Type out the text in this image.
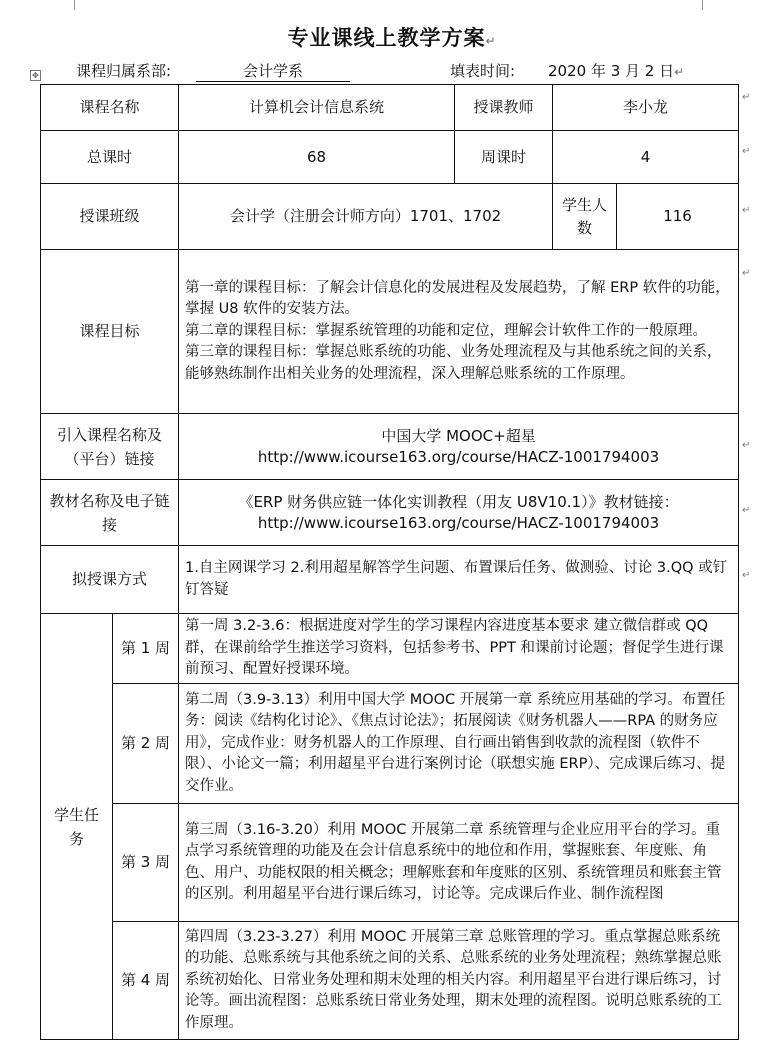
专业课线上教学方案↵
✥ 课程归属系部:	会计学系	填表时间: 2020 年 3 月 2 日↵
课程名称		计算机会计信息系统	授课教师	李小龙	
总课时		68	周课时	4	
授课班级		会计学（注册会计师方向）1701、1702		学生人数	116
课程目标		第一章的课程目标：了解会计信息化的发展进程及发展趋势，了解 ERP 软件的功能，掌握 U8 软件的安装方法。
第二章的课程目标：掌握系统管理的功能和定位，理解会计软件工作的一般原理。
第三章的课程目标：掌握总账系统的功能、业务处理流程及与其他系统之间的关系，能够熟练制作出相关业务的处理流程，深入理解总账系统的工作原理。			

引入课程名称及（平台）链接		中国大学 MOOC+超星
http://www.icourse163.org/course/HACZ-1001794003			

教材名称及电子链接		《ERP 财务供应链一体化实训教程（用友 U8V10.1）》教材链接：
http://www.icourse163.org/course/HACZ-1001794003			

拟授课方式		1.自主网课学习 2.利用超星解答学生问题、布置课后任务、做测验、讨论 3.QQ 或钉钉答疑			
学生任务	第 1 周	第一周 3.2-3.6：根据进度对学生的学习课程内容进度基本要求 建立微信群或 QQ 群，在课前给学生推送学习资料，包括参考书、PPT 和课前讨论题；督促学生进行课前预习、配置好授课环境。			
	第 2 周	第二周（3.9-3.13）利用中国大学 MOOC 开展第一章 系统应用基础的学习。布置任务：阅读《结构化讨论》、《焦点讨论法》；拓展阅读《财务机器人——RPA 的财务应用》，完成作业：财务机器人的工作原理、自行画出销售到收款的流程图（软件不限）、小论文一篇；利用超星平台进行案例讨论（联想实施 ERP）、完成课后练习、提交作业。			
	第 3 周	第三周（3.16-3.20）利用 MOOC 开展第二章 系统管理与企业应用平台的学习。重点学习系统管理的功能及在会计信息系统中的地位和作用，掌握账套、年度账、角色、用户、功能权限的相关概念；理解账套和年度账的区别、系统管理员和账套主管的区别。利用超星平台进行课后练习，讨论等。完成课后作业、制作流程图			
	第 4 周	第四周（3.23-3.27）利用 MOOC 开展第三章 总账管理的学习。重点掌握总账系统的功能、总账系统与其他系统之间的关系、总账系统的业务处理流程；熟练掌握总账系统初始化、日常业务处理和期末处理的相关内容。利用超星平台进行课后练习，讨论等。画出流程图：总账系统日常业务处理，期末处理的流程图。说明总账系统的工作原理。			
↵
↵
↵
↵
↵
↵
↵
